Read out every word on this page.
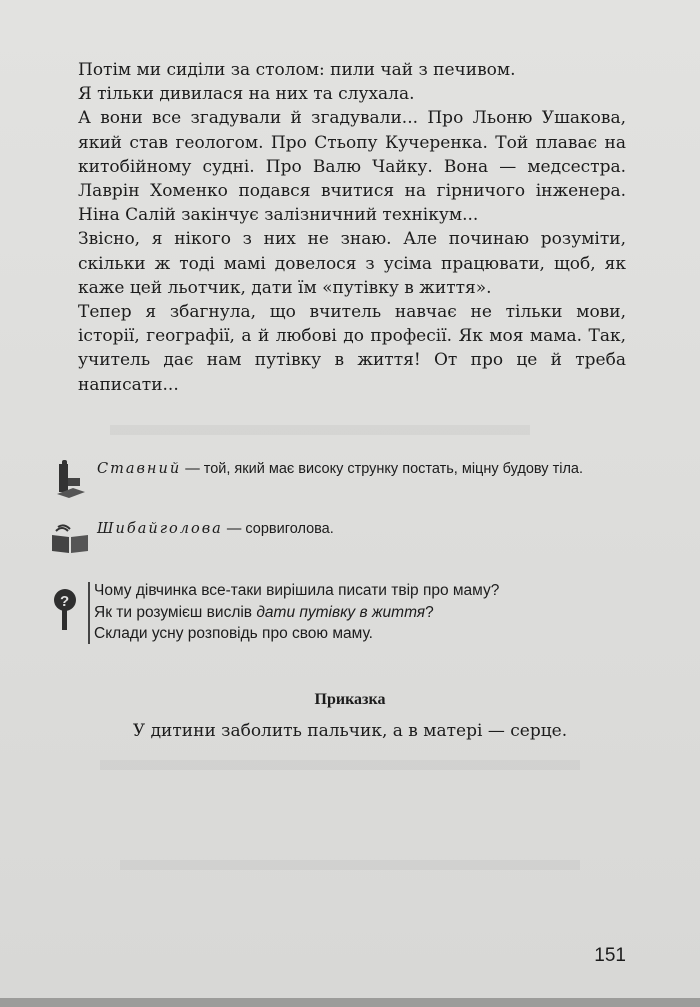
Потім ми сиділи за столом: пили чай з печивом.

Я тільки дивилася на них та слухала.

А вони все згадували й згадували... Про Льоню Ушакова, який став геологом. Про Стьопу Кучеренка. Той плаває на китобійному судні. Про Валю Чайку. Вона — медсестра. Лаврін Хоменко подався вчитися на гірничого інженера. Ніна Салій закінчує залізничний технікум...

Звісно, я нікого з них не знаю. Але починаю розуміти, скільки ж тоді мамі довелося з усіма працювати, щоб, як каже цей льотчик, дати їм «путівку в життя».

Тепер я збагнула, що вчитель навчає не тільки мови, історії, географії, а й любові до професії. Як моя мама. Так, учитель дає нам путівку в життя! От про це й треба написати...

Ставний — той, який має високу струнку постать, міцну будову тіла.
Шибайголова — сорвиголова.
?
Чому дівчинка все-таки вирішила писати твір про маму?
Як ти розумієш вислів дати путівку в життя?
Склади усну розповідь про свою маму.
Приказка
У дитини заболить пальчик, а в матері — серце.
151
